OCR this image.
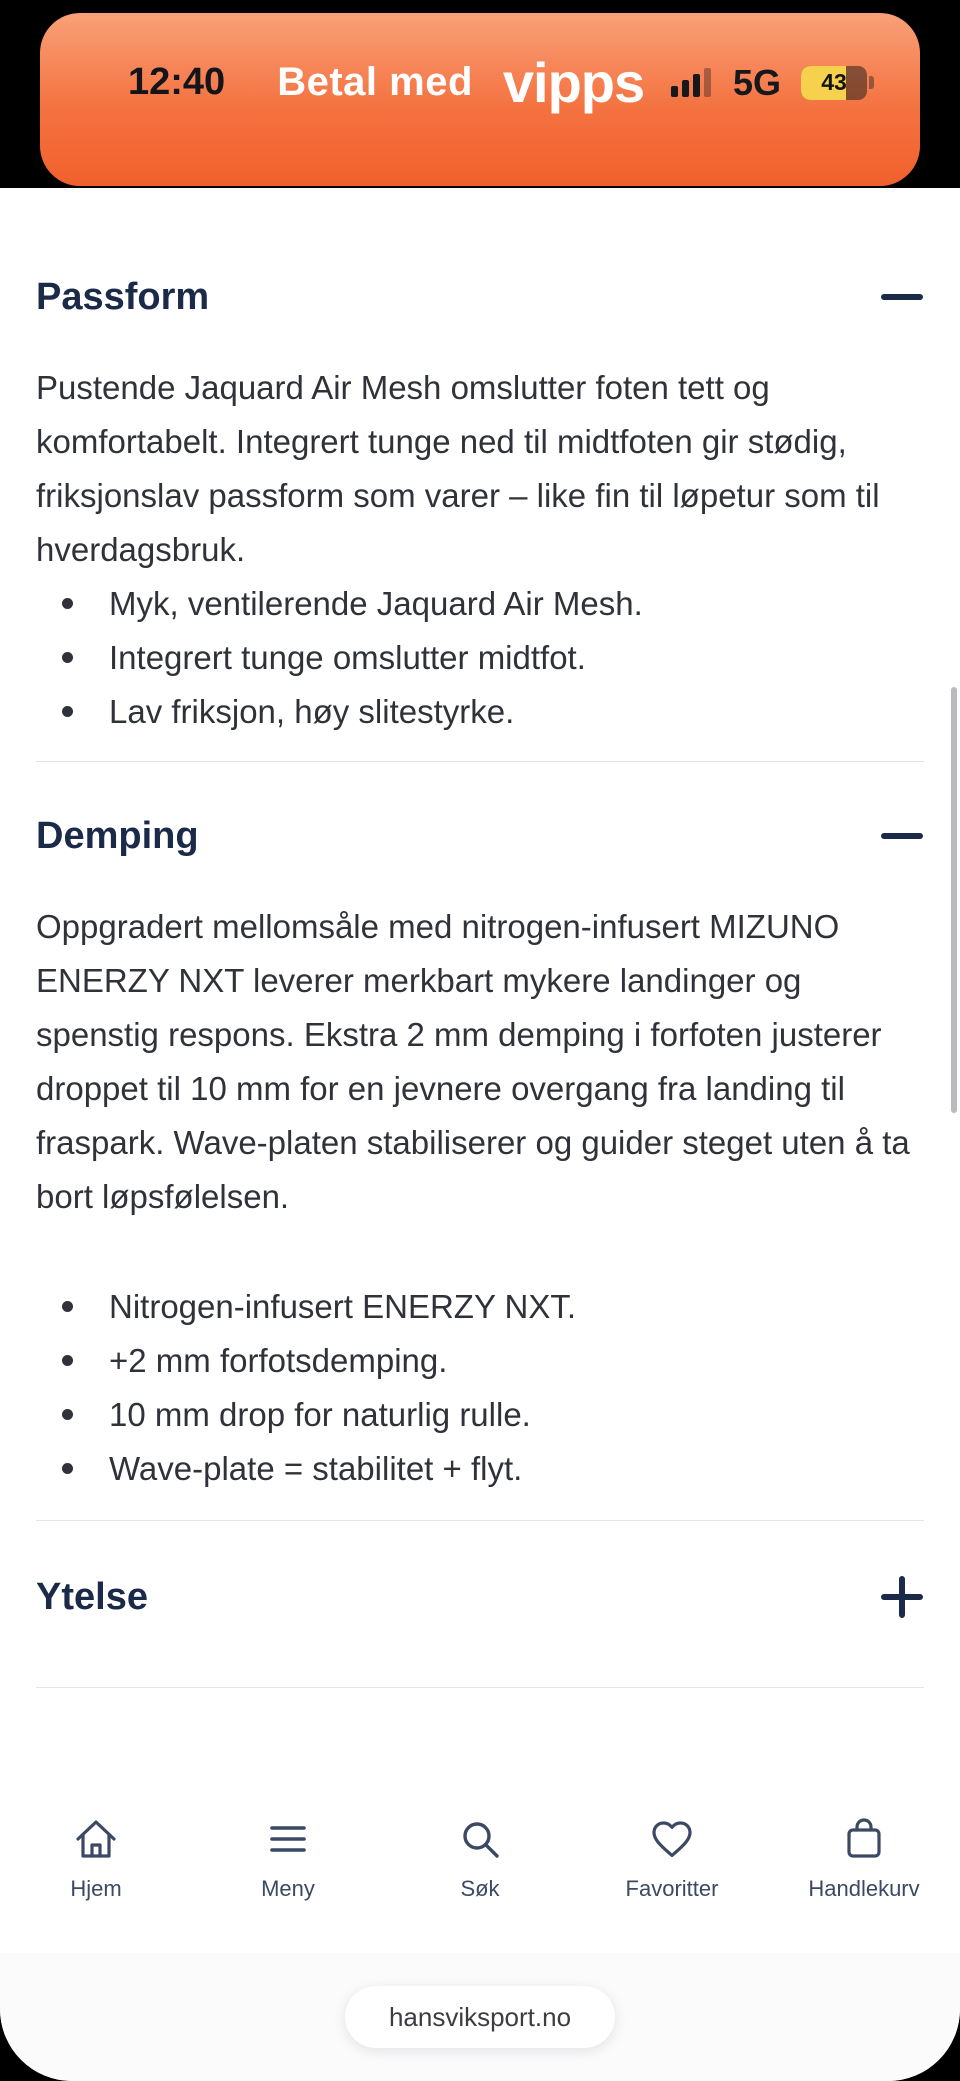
12:40 Betal med vipps 5G 43
Passform

Pustende Jaquard Air Mesh omslutter foten tett og komfortabelt. Integrert tunge ned til midtfoten gir stødig, friksjonslav passform som varer – like fin til løpetur som til hverdagsbruk.

Myk, ventilerende Jaquard Air Mesh.
Integrert tunge omslutter midtfot.
Lav friksjon, høy slitestyrke.
Demping

Oppgradert mellomsåle med nitrogen-infusert MIZUNO ENERZY NXT leverer merkbart mykere landinger og spenstig respons. Ekstra 2 mm demping i forfoten justerer droppet til 10 mm for en jevnere overgang fra landing til fraspark. Wave-platen stabiliserer og guider steget uten å ta bort løpsfølelsen.

Nitrogen-infusert ENERZY NXT.
+2 mm forfotsdemping.
10 mm drop for naturlig rulle.
Wave-plate = stabilitet + flyt.
Ytelse
Hjem	Meny	Søk	Favoritter	Handlekurv
hansviksport.no
